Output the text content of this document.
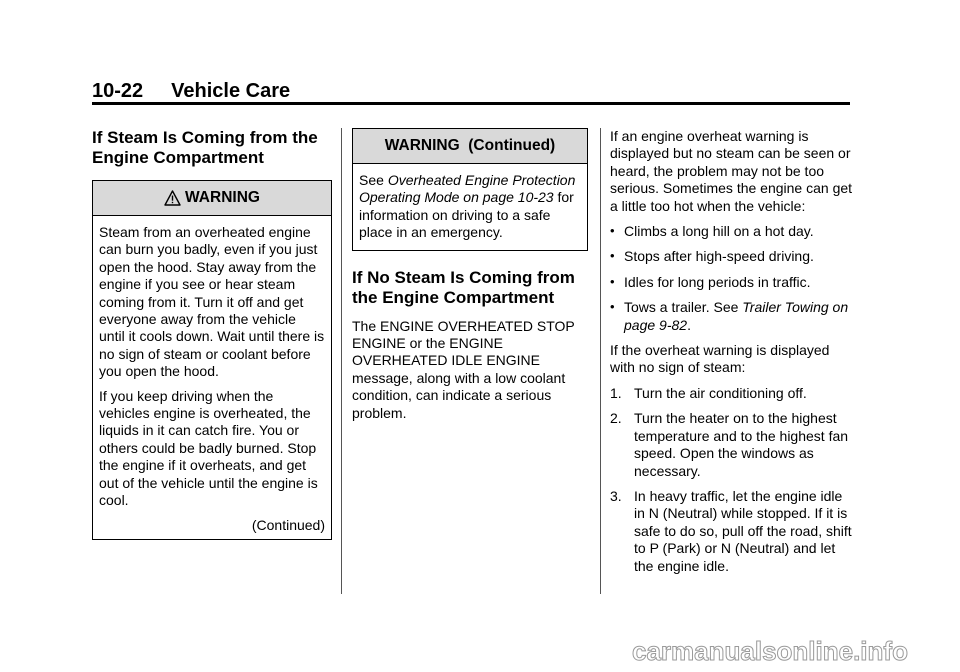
10-22 Vehicle Care
If Steam Is Coming from the Engine Compartment
WARNING

Steam from an overheated engine can burn you badly, even if you just open the hood. Stay away from the engine if you see or hear steam coming from it. Turn it off and get everyone away from the vehicle until it cools down. Wait until there is no sign of steam or coolant before you open the hood.

If you keep driving when the vehicles engine is overheated, the liquids in it can catch fire. You or others could be badly burned. Stop the engine if it overheats, and get out of the vehicle until the engine is cool.

(Continued)
WARNING  (Continued)

See Overheated Engine Protection Operating Mode on page 10-23 for information on driving to a safe place in an emergency.

If No Steam Is Coming from the Engine Compartment
The ENGINE OVERHEATED STOP ENGINE or the ENGINE OVERHEATED IDLE ENGINE message, along with a low coolant condition, can indicate a serious problem.

If an engine overheat warning is displayed but no steam can be seen or heard, the problem may not be too serious. Sometimes the engine can get a little too hot when the vehicle:

• Climbs a long hill on a hot day.
• Stops after high-speed driving.
• Idles for long periods in traffic.
• Tows a trailer. See Trailer Towing on page 9-82.

If the overheat warning is displayed with no sign of steam:

1. Turn the air conditioning off.
2. Turn the heater on to the highest temperature and to the highest fan speed. Open the windows as necessary.
3. In heavy traffic, let the engine idle in N (Neutral) while stopped. If it is safe to do so, pull off the road, shift to P (Park) or N (Neutral) and let the engine idle.
carmanualsonline.info
